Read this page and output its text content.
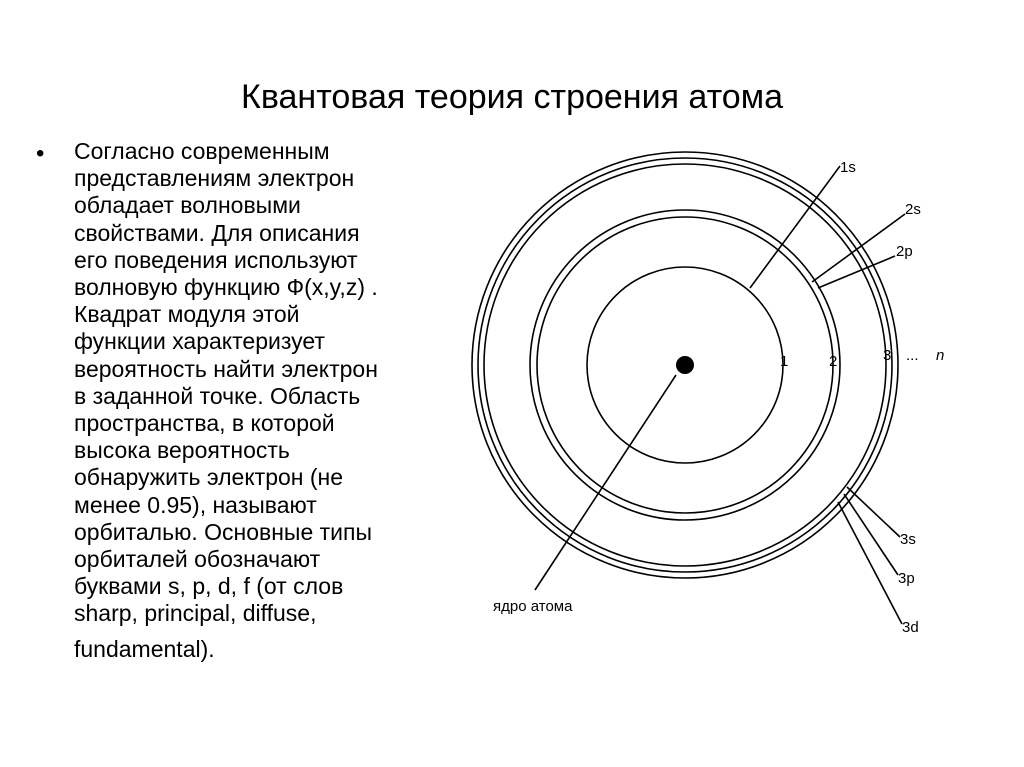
Квантовая теория строения атома
• Согласно современным
представлениям электрон
обладает волновыми
свойствами. Для описания
его поведения используют
волновую функцию Ф(x,y,z) .
Квадрат модуля этой
функции характеризует
вероятность найти электрон
в заданной точке. Область
пространства, в которой
высока вероятность
обнаружить электрон (не
менее 0.95), называют
орбиталью. Основные типы
орбиталей обозначают
буквами s, p, d, f (от слов
sharp, principal, diffuse,
fundamental).
1	2	3 ... n
1s
2s
2p
3s
3p
3d
ядро атома
